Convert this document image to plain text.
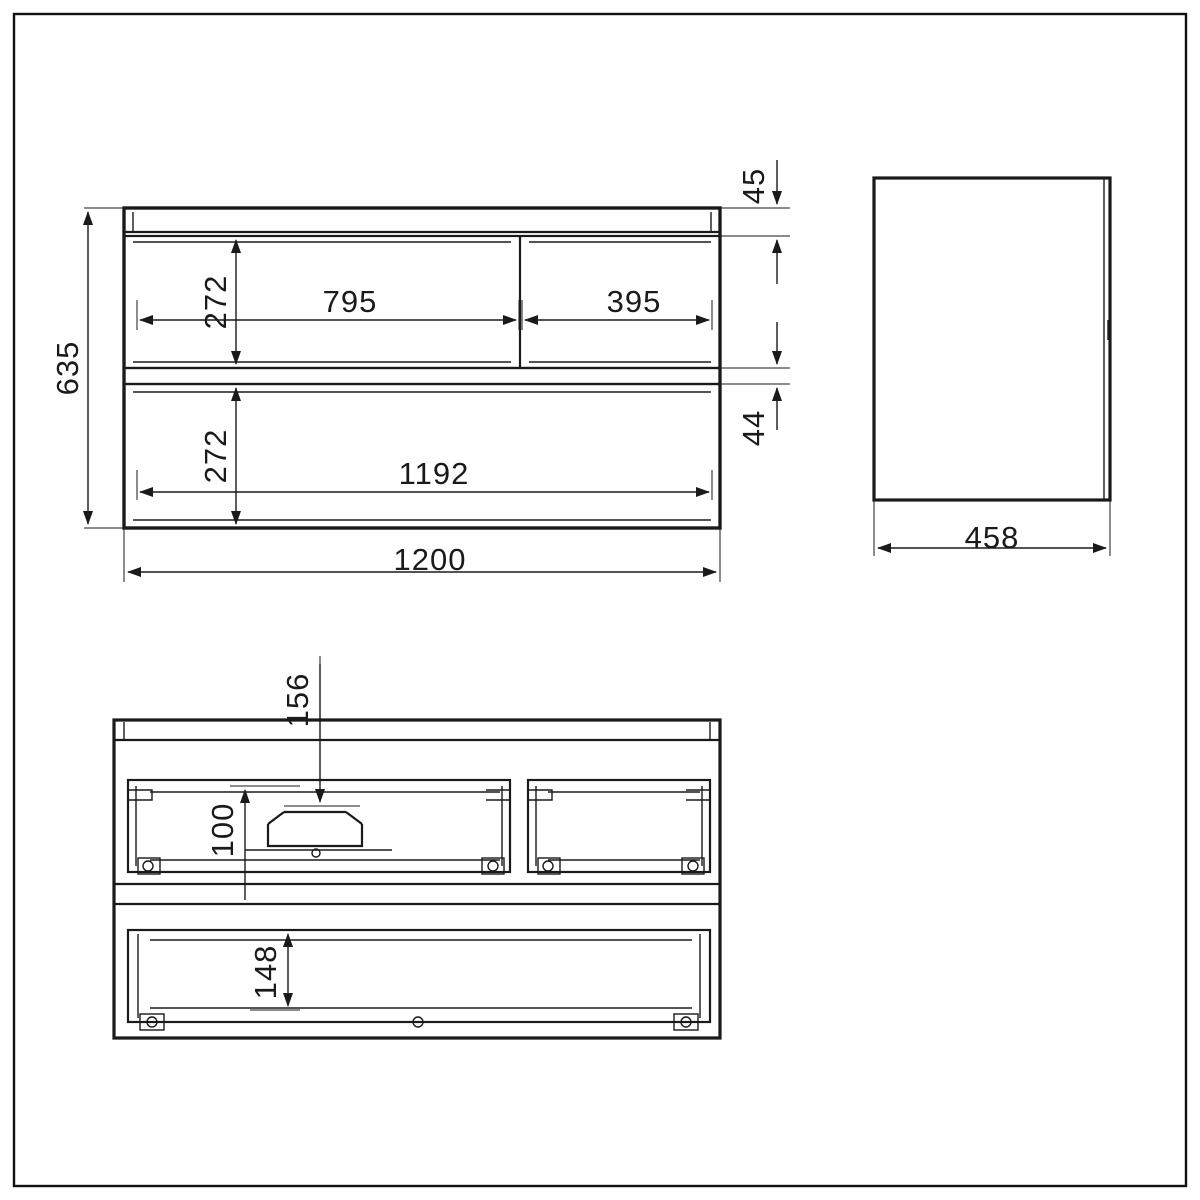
635
272
272
795	395
1192
1200
45
44
458
156
100
148
